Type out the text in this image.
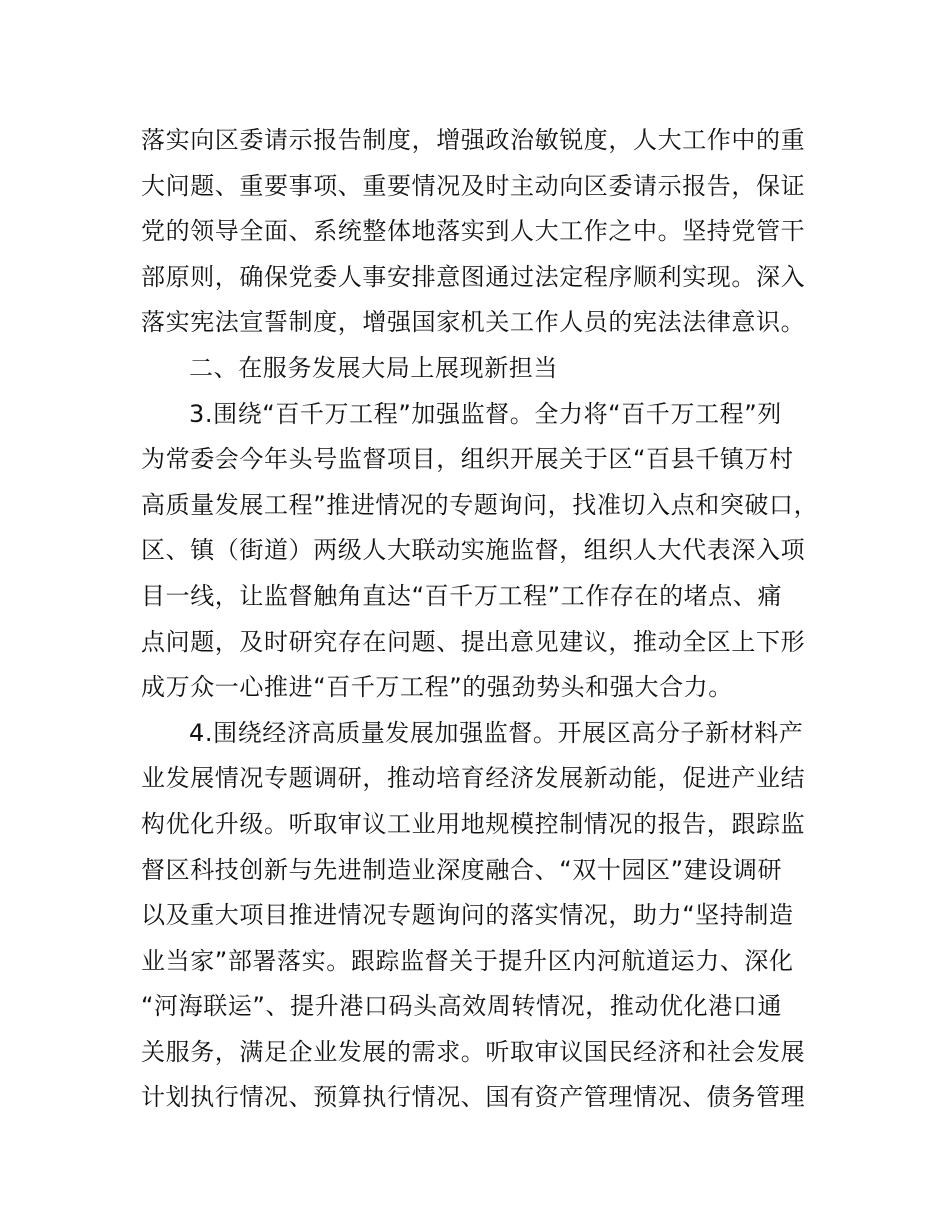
落实向区委请示报告制度，增强政治敏锐度，人大工作中的重
大问题、重要事项、重要情况及时主动向区委请示报告，保证
党的领导全面、系统整体地落实到人大工作之中。坚持党管干
部原则，确保党委人事安排意图通过法定程序顺利实现。深入
落实宪法宣誓制度，增强国家机关工作人员的宪法法律意识。
二、在服务发展大局上展现新担当
3.围绕“百千万工程”加强监督。全力将“百千万工程”列
为常委会今年头号监督项目，组织开展关于区“百县千镇万村
高质量发展工程”推进情况的专题询问，找准切入点和突破口，
区、镇（街道）两级人大联动实施监督，组织人大代表深入项
目一线，让监督触角直达“百千万工程”工作存在的堵点、痛
点问题，及时研究存在问题、提出意见建议，推动全区上下形
成万众一心推进“百千万工程”的强劲势头和强大合力。
4.围绕经济高质量发展加强监督。开展区高分子新材料产
业发展情况专题调研，推动培育经济发展新动能，促进产业结
构优化升级。听取审议工业用地规模控制情况的报告，跟踪监
督区科技创新与先进制造业深度融合、“双十园区”建设调研
以及重大项目推进情况专题询问的落实情况，助力“坚持制造
业当家”部署落实。跟踪监督关于提升区内河航道运力、深化
“河海联运”、提升港口码头高效周转情况，推动优化港口通
关服务，满足企业发展的需求。听取审议国民经济和社会发展
计划执行情况、预算执行情况、国有资产管理情况、债务管理
